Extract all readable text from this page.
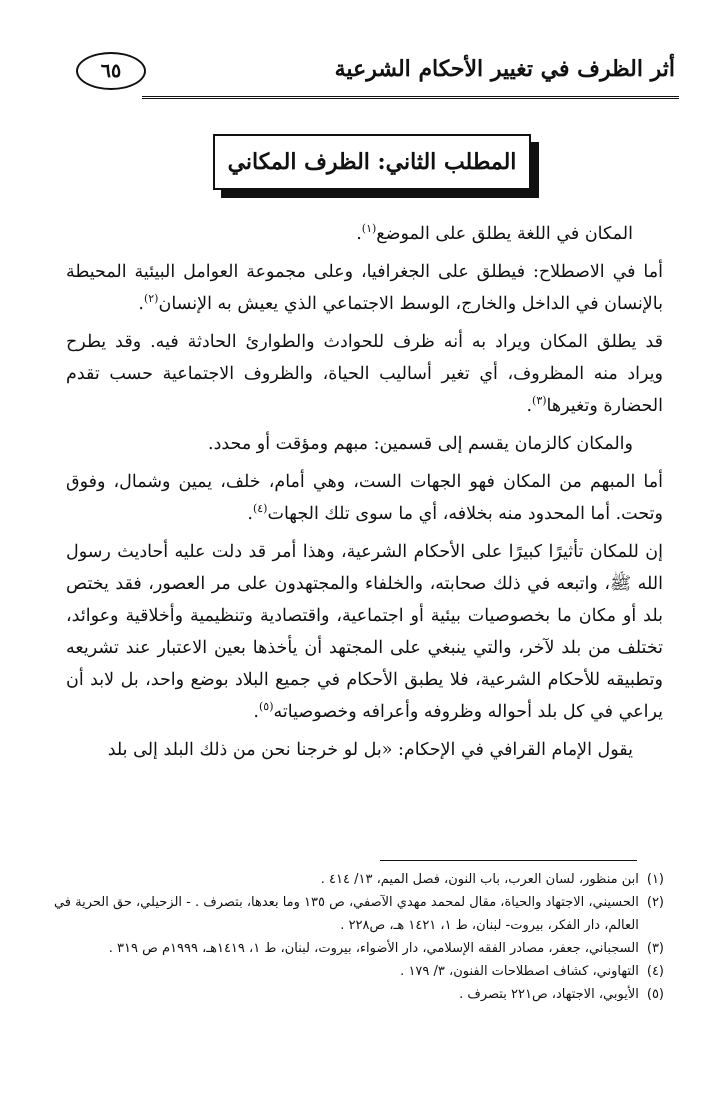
أثر الظرف في تغيير الأحكام الشرعية
٦٥
المطلب الثاني: الظرف المكاني

المكان في اللغة يطلق على الموضع$^{(١)}$.

أما في الاصطلاح: فيطلق على الجغرافيا، وعلى مجموعة العوامل البيئية المحيطة بالإنسان في الداخل والخارج، الوسط الاجتماعي الذي يعيش به الإنسان$^{(٢)}$.

قد يطلق المكان ويراد به أنه ظرف للحوادث والطوارئ الحادثة فيه. وقد يطرح ويراد منه المظروف، أي تغير أساليب الحياة، والظروف الاجتماعية حسب تقدم الحضارة وتغيرها$^{(٣)}$.

والمكان كالزمان يقسم إلى قسمين: مبهم ومؤقت أو محدد.

أما المبهم من المكان فهو الجهات الست، وهي أمام، خلف، يمين وشمال، وفوق وتحت. أما المحدود منه بخلافه، أي ما سوى تلك الجهات$^{(٤)}$.

إن للمكان تأثيرًا كبيرًا على الأحكام الشرعية، وهذا أمر قد دلت عليه أحاديث رسول الله ﷺ، واتبعه في ذلك صحابته، والخلفاء والمجتهدون على مر العصور، فقد يختص بلد أو مكان ما بخصوصيات بيئية أو اجتماعية، واقتصادية وتنظيمية وأخلاقية وعوائد، تختلف من بلد لآخر، والتي ينبغي على المجتهد أن يأخذها بعين الاعتبار عند تشريعه وتطبيقه للأحكام الشرعية، فلا يطبق الأحكام في جميع البلاد بوضع واحد، بل لابد أن يراعي في كل بلد أحواله وظروفه وأعرافه وخصوصياته$^{(٥)}$.

يقول الإمام القرافي في الإحكام: «بل لو خرجنا نحن من ذلك البلد إلى بلد

(١)
ابن منظور، لسان العرب، باب النون، فصل الميم، ١٣/ ٤١٤ .
(٢)
الحسيني، الاجتهاد والحياة، مقال لمحمد مهدي الآصفي، ص ١٣٥ وما بعدها، بتصرف . - الزحيلي، حق الحرية في العالم، دار الفكر، بيروت- لبنان، ط ١، ١٤٢١ هـ، ص٢٢٨ .
(٣)
السجباني، جعفر، مصادر الفقه الإسلامي، دار الأضواء، بيروت، لبنان، ط ١، ١٤١٩هـ، ١٩٩٩م ص ٣١٩ .
(٤)
التهاوني، كشاف اصطلاحات الفنون، ٣/ ١٧٩ .
(٥)
الأيوبي، الاجتهاد، ص٢٢١ بتصرف .
